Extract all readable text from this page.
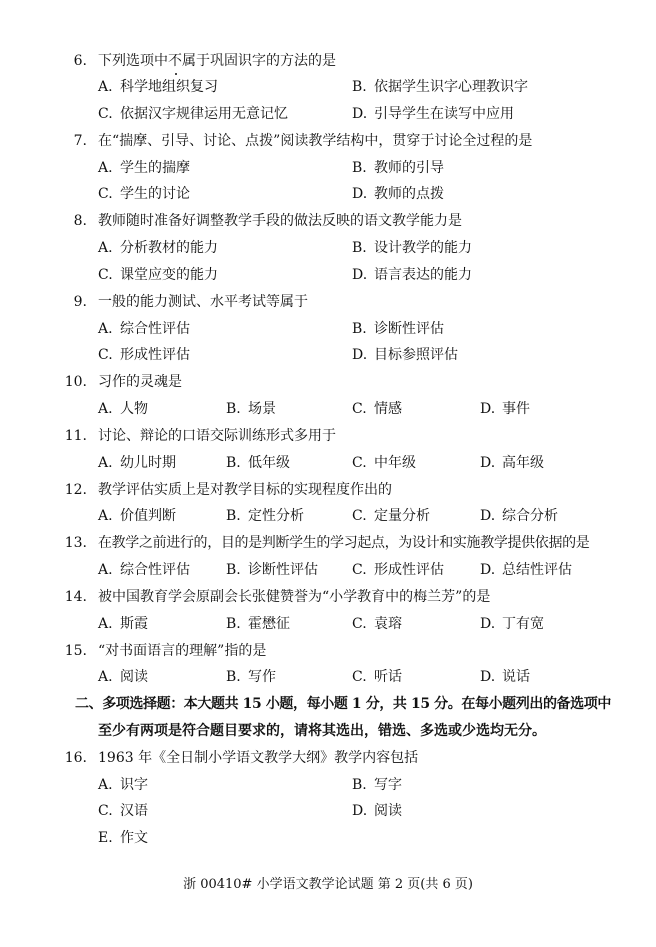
6. 下列选项中不属于巩固识字的方法的是
A. 科学地组织复习	B. 依据学生识字心理教识字
C. 依据汉字规律运用无意记忆	D. 引导学生在读写中应用
7. 在“揣摩、引导、讨论、点拨”阅读教学结构中，贯穿于讨论全过程的是
A. 学生的揣摩	B. 教师的引导
C. 学生的讨论	D. 教师的点拨
8. 教师随时准备好调整教学手段的做法反映的语文教学能力是
A. 分析教材的能力	B. 设计教学的能力
C. 课堂应变的能力	D. 语言表达的能力
9. 一般的能力测试、水平考试等属于
A. 综合性评估	B. 诊断性评估
C. 形成性评估	D. 目标参照评估
10. 习作的灵魂是
A. 人物	B. 场景	C. 情感	D. 事件
11. 讨论、辩论的口语交际训练形式多用于
A. 幼儿时期	B. 低年级	C. 中年级	D. 高年级
12. 教学评估实质上是对教学目标的实现程度作出的
A. 价值判断	B. 定性分析	C. 定量分析	D. 综合分析
13. 在教学之前进行的，目的是判断学生的学习起点，为设计和实施教学提供依据的是
A. 综合性评估	B. 诊断性评估 C. 形成性评估	D. 总结性评估
14. 被中国教育学会原副会长张健赞誉为“小学教育中的梅兰芳”的是
A. 斯霞	B. 霍懋征	C. 袁瑢	D. 丁有宽
15. “对书面语言的理解”指的是
A. 阅读	B. 写作	C. 听话	D. 说话
二、多项选择题：本大题共 15 小题，每小题 1 分，共 15 分。在每小题列出的备选项中
至少有两项是符合题目要求的，请将其选出，错选、多选或少选均无分。
16. 1963 年《全日制小学语文教学大纲》教学内容包括
A. 识字	B. 写字
C. 汉语	D. 阅读
E. 作文
浙 00410# 小学语文教学论试题 第 2 页(共 6 页)
